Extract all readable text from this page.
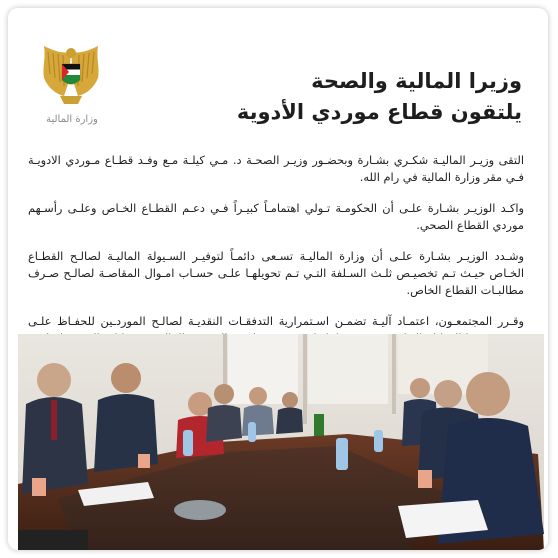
وزارة المالية
وزيرا المالية والصحة
يلتقون قطاع موردي الأدوية

التقى وزيـر الماليـة شكـري بشـارة وبحضـور وزيـر الصحـة د. مـي كيلـة مـع وفـد قطـاع مـوردي الادويـة فـي مقر وزارة المالية في رام الله.

واكـد الوزيـر بشـارة علـى أن الحكومـة تـولي اهتمامـاً كبيـراً فـي دعـم القطـاع الخـاص وعلـى رأسـهم موردي القطاع الصحي.

وشـدد الوزيـر بشـارة علـى أن وزارة الماليـة تسـعى دائمـاً لتوفيـر السـيولة الماليـة لصالـح القطـاع الخـاص حيـث تـم تخصيـص ثلـث السـلفة التـي تـم تحويلهـا علـى حسـاب امـوال المقاصـة لصالـح صـرف مطالبـات القطاع الخاص.

وقـرر المجتمعـون، اعتمـاد آليـة تضمـن اسـتمرارية التدفقـات النقديـة لصالـح الموردـين للحفـاظ علـى
